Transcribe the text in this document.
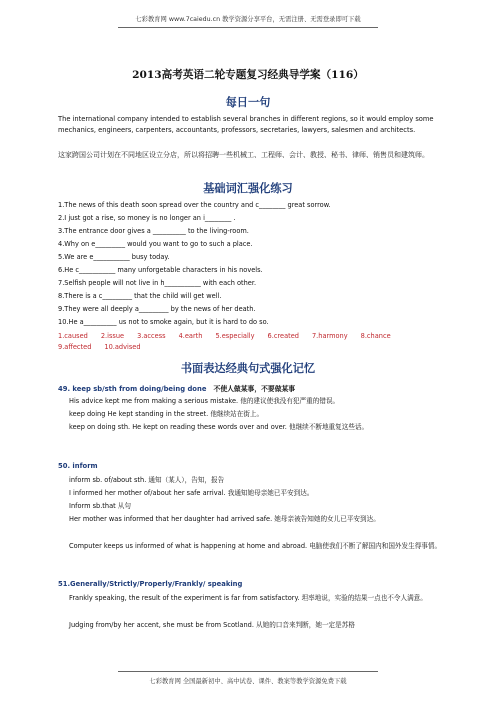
七彩教育网 www.7caiedu.cn 教学资源分享平台，无需注册、无需登录即可下载
2013高考英语二轮专题复习经典导学案（116）
每日一句
The international company intended to establish several branches in different regions, so it would employ some mechanics, engineers, carpenters, accountants, professors, secretaries, lawyers, salesmen and architects.
这家跨国公司计划在不同地区设立分店，所以将招聘一些机械工、工程师、会计、教授、秘书、律师、销售员和建筑师。
基础词汇强化练习
1.The news of this death soon spread over the country and c________ great sorrow.
2.I just got a rise, so money is no longer an i________ .
3.The entrance door gives a __________ to the living-room.
4.Why on e_________ would you want to go to such a place.
5.We are e___________ busy today.
6.He c___________ many unforgetable characters in his novels.
7.Selfish people will not live in h___________ with each other.
8.There is a c_________ that the child will get well.
9.They were all deeply a_________ by the news of her death.
10.He a__________ us not to smoke again, but it is hard to do so.
1.caused 2.issue 3.access 4.earth 5.especially 6.created 7.harmony 8.chance9.affected 10.advised
书面表达经典句式强化记忆
49. keep sb/sth from doing/being done 不使人做某事，不要做某事
His advice kept me from making a serious mistake. 他的建议使我没有犯严重的错误。
keep doing He kept standing in the street. 他继续站在街上。
keep on doing sth. He kept on reading these words over and over. 他继续不断地重复这些话。
50. inform
inform sb. of/about sth. 通知（某人），告知，报告
I informed her mother of/about her safe arrival. 我通知她母亲她已平安到达。
Inform sb.that 从句
Her mother was informed that her daughter had arrived safe. 她母亲被告知她的女儿已平安到达。
Computer keeps us informed of what is happening at home and abroad. 电脑使我们不断了解国内和国外发生得事情。
51.Generally/Strictly/Properly/Frankly/ speaking
Frankly speaking, the result of the experiment is far from satisfactory. 坦率地说，实验的结果一点也不令人满意。
Judging from/by her accent, she must be from Scotland. 从她的口音来判断，她一定是苏格
七彩教育网 全国最新初中、高中试卷、课件、教案等教学资源免费下载
